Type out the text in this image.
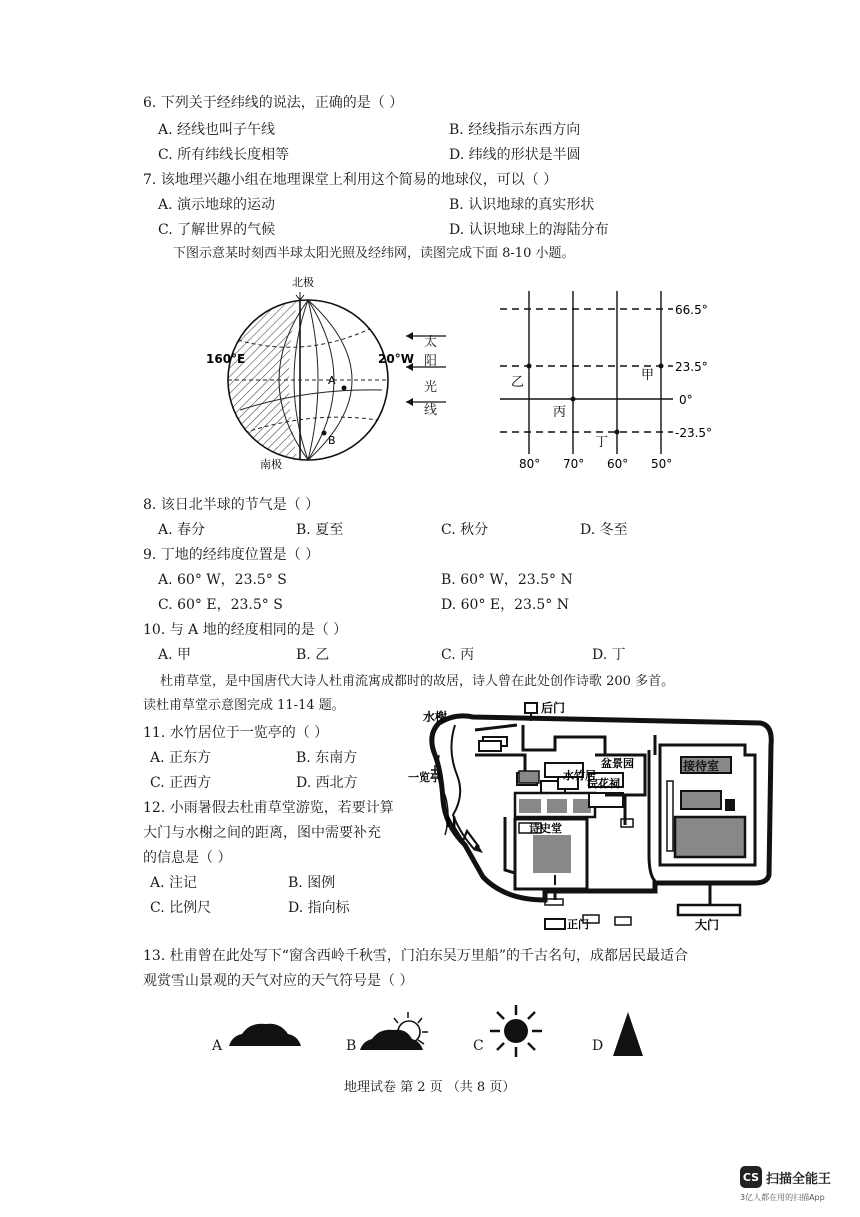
6. 下列关于经纬线的说法，正确的是（ ）
A. 经线也叫子午线	B. 经线指示东西方向
C. 所有纬线长度相等	D. 纬线的形状是半圆
7. 该地理兴趣小组在地理课堂上利用这个简易的地球仪，可以（ ）
A. 演示地球的运动	B. 认识地球的真实形状
C. 了解世界的气候	D. 认识地球上的海陆分布
下图示意某时刻西半球太阳光照及经纬网，读图完成下面 8-10 小题。
北极
南极
160°E	20°W
A
B
太
阳
光
线
66.5°
23.5°
0°
-23.5°
80° 70° 60° 50°
甲
乙
丙
丁
8. 该日北半球的节气是（ ）
A. 春分	B. 夏至	C. 秋分	D. 冬至
9. 丁地的经纬度位置是（ ）
A. 60° W，23.5° S	B. 60° W，23.5° N
C. 60° E，23.5° S	D. 60° E，23.5° N
10. 与 A 地的经度相同的是（ ）
A. 甲	B. 乙	C. 丙	D. 丁
杜甫草堂，是中国唐代大诗人杜甫流寓成都时的故居，诗人曾在此处创作诗歌 200 多首。
读杜甫草堂示意图完成 11-14 题。
11. 水竹居位于一览亭的（ ）
A. 正东方	B. 东南方
C. 正西方	D. 西北方
12. 小雨暑假去杜甫草堂游览，若要计算
大门与水榭之间的距离，图中需要补充
的信息是（ ）
A. 注记	B. 图例
C. 比例尺	D. 指向标
水榭
后门
盆景园	接待室
一览亭	水竹居
浣花祠
诗史堂
大门
正门
N
13. 杜甫曾在此处写下“窗含西岭千秋雪，门泊东吴万里船”的千古名句，成都居民最适合
观赏雪山景观的天气对应的天气符号是（ ）
A	B	C	D
地理试卷 第 2 页 （共 8 页）
CS 扫描全能王
3亿人都在用的扫描App
